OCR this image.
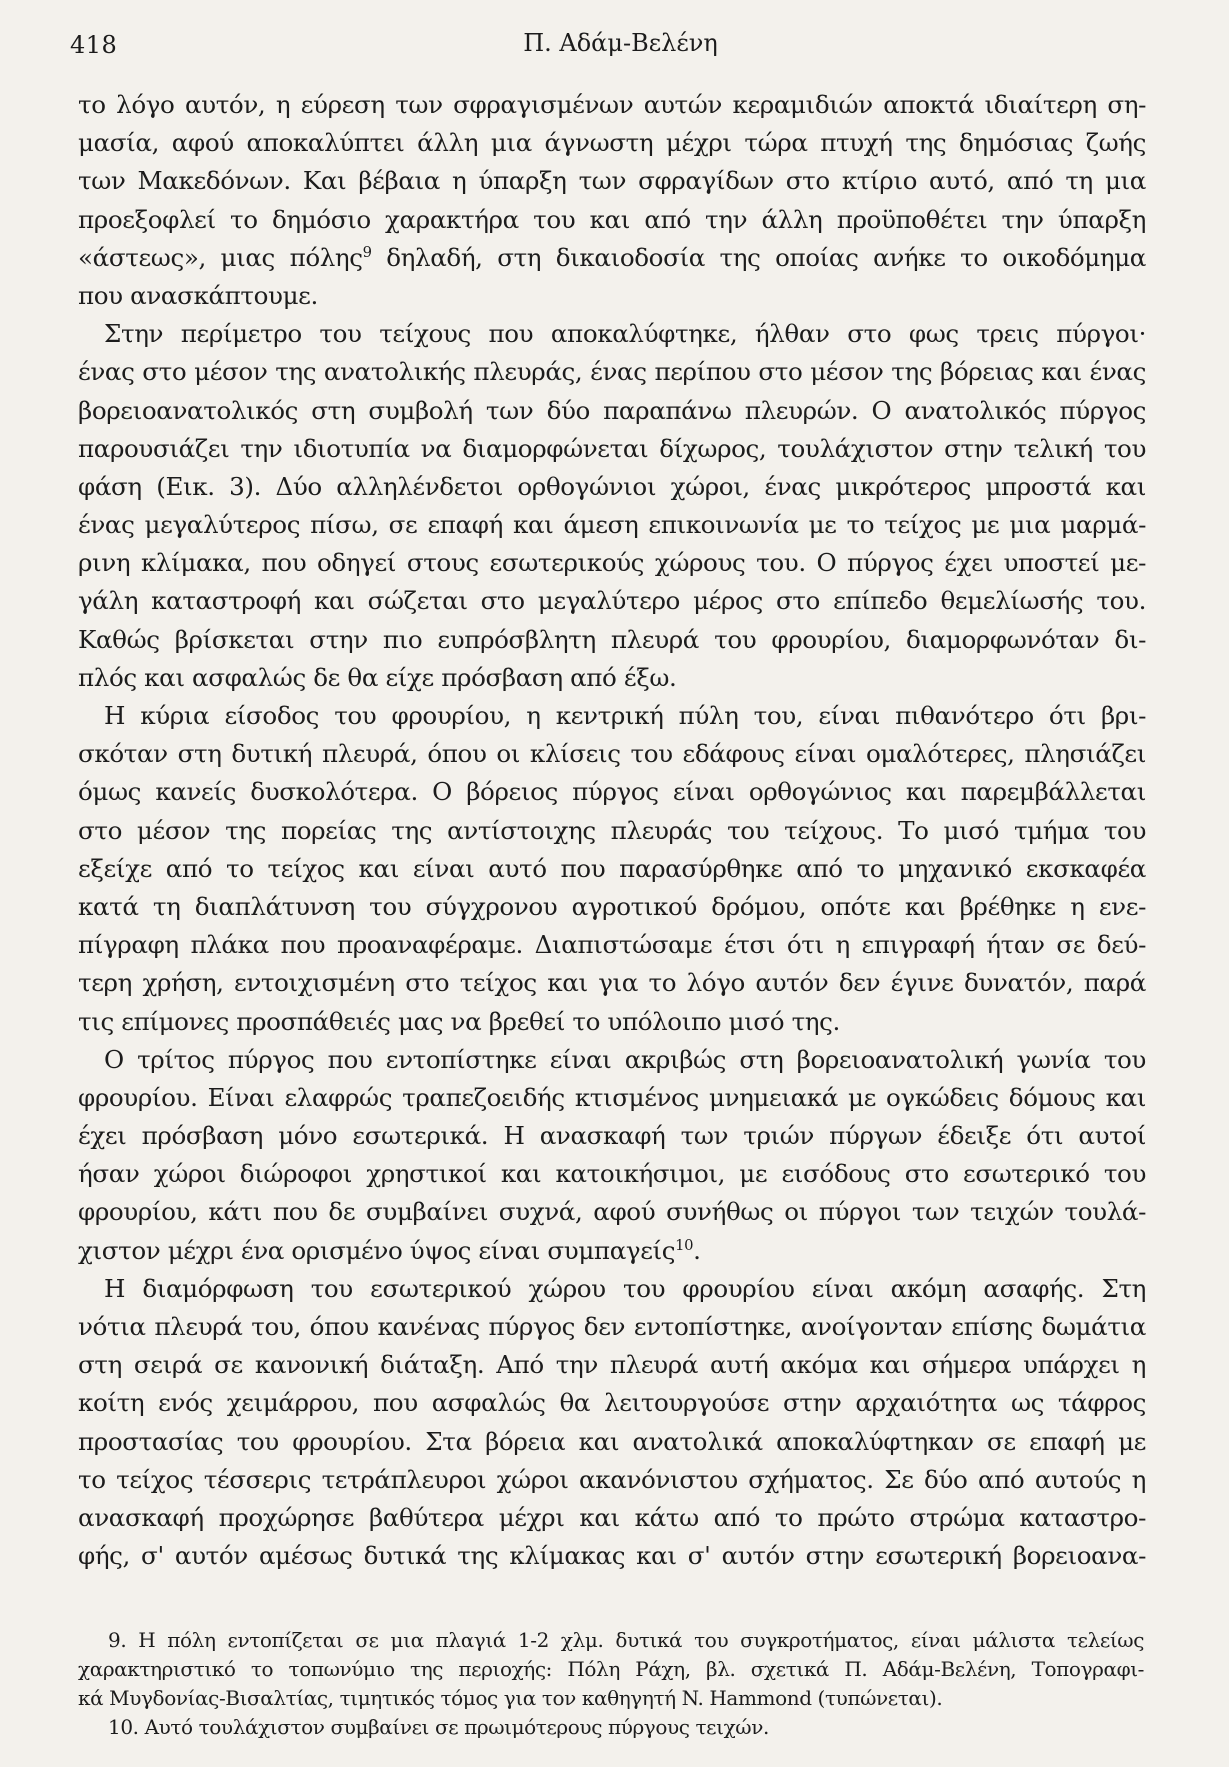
418	Π. Αδάμ-Βελένη
το λόγο αυτόν, η εύρεση των σφραγισμένων αυτών κεραμιδιών αποκτά ιδιαίτερη ση-
μασία, αφού αποκαλύπτει άλλη μια άγνωστη μέχρι τώρα πτυχή της δημόσιας ζωής
των Μακεδόνων. Και βέβαια η ύπαρξη των σφραγίδων στο κτίριο αυτό, από τη μια
προεξοφλεί το δημόσιο χαρακτήρα του και από την άλλη προϋποθέτει την ύπαρξη
«άστεως», μιας πόλης$^9$ δηλαδή, στη δικαιοδοσία της οποίας ανήκε το οικοδόμημα
που ανασκάπτουμε.
Στην περίμετρο του τείχους που αποκαλύφτηκε, ήλθαν στο φως τρεις πύργοι·
ένας στο μέσον της ανατολικής πλευράς, ένας περίπου στο μέσον της βόρειας και ένας
βορειοανατολικός στη συμβολή των δύο παραπάνω πλευρών. Ο ανατολικός πύργος
παρουσιάζει την ιδιοτυπία να διαμορφώνεται δίχωρος, τουλάχιστον στην τελική του
φάση (Εικ. 3). Δύο αλληλένδετοι ορθογώνιοι χώροι, ένας μικρότερος μπροστά και
ένας μεγαλύτερος πίσω, σε επαφή και άμεση επικοινωνία με το τείχος με μια μαρμά-
ρινη κλίμακα, που οδηγεί στους εσωτερικούς χώρους του. Ο πύργος έχει υποστεί με-
γάλη καταστροφή και σώζεται στο μεγαλύτερο μέρος στο επίπεδο θεμελίωσής του.
Καθώς βρίσκεται στην πιο ευπρόσβλητη πλευρά του φρουρίου, διαμορφωνόταν δι-
πλός και ασφαλώς δε θα είχε πρόσβαση από έξω.
Η κύρια είσοδος του φρουρίου, η κεντρική πύλη του, είναι πιθανότερο ότι βρι-
σκόταν στη δυτική πλευρά, όπου οι κλίσεις του εδάφους είναι ομαλότερες, πλησιάζει
όμως κανείς δυσκολότερα. Ο βόρειος πύργος είναι ορθογώνιος και παρεμβάλλεται
στο μέσον της πορείας της αντίστοιχης πλευράς του τείχους. Το μισό τμήμα του
εξείχε από το τείχος και είναι αυτό που παρασύρθηκε από το μηχανικό εκσκαφέα
κατά τη διαπλάτυνση του σύγχρονου αγροτικού δρόμου, οπότε και βρέθηκε η ενε-
πίγραφη πλάκα που προαναφέραμε. Διαπιστώσαμε έτσι ότι η επιγραφή ήταν σε δεύ-
τερη χρήση, εντοιχισμένη στο τείχος και για το λόγο αυτόν δεν έγινε δυνατόν, παρά
τις επίμονες προσπάθειές μας να βρεθεί το υπόλοιπο μισό της.
Ο τρίτος πύργος που εντοπίστηκε είναι ακριβώς στη βορειοανατολική γωνία του
φρουρίου. Είναι ελαφρώς τραπεζοειδής κτισμένος μνημειακά με ογκώδεις δόμους και
έχει πρόσβαση μόνο εσωτερικά. Η ανασκαφή των τριών πύργων έδειξε ότι αυτοί
ήσαν χώροι διώροφοι χρηστικοί και κατοικήσιμοι, με εισόδους στο εσωτερικό του
φρουρίου, κάτι που δε συμβαίνει συχνά, αφού συνήθως οι πύργοι των τειχών τουλά-
χιστον μέχρι ένα ορισμένο ύψος είναι συμπαγείς$^{10}$.
Η διαμόρφωση του εσωτερικού χώρου του φρουρίου είναι ακόμη ασαφής. Στη
νότια πλευρά του, όπου κανένας πύργος δεν εντοπίστηκε, ανοίγονταν επίσης δωμάτια
στη σειρά σε κανονική διάταξη. Από την πλευρά αυτή ακόμα και σήμερα υπάρχει η
κοίτη ενός χειμάρρου, που ασφαλώς θα λειτουργούσε στην αρχαιότητα ως τάφρος
προστασίας του φρουρίου. Στα βόρεια και ανατολικά αποκαλύφτηκαν σε επαφή με
το τείχος τέσσερις τετράπλευροι χώροι ακανόνιστου σχήματος. Σε δύο από αυτούς η
ανασκαφή προχώρησε βαθύτερα μέχρι και κάτω από το πρώτο στρώμα καταστρο-
φής, σ' αυτόν αμέσως δυτικά της κλίμακας και σ' αυτόν στην εσωτερική βορειοανα-
9. Η πόλη εντοπίζεται σε μια πλαγιά 1-2 χλμ. δυτικά του συγκροτήματος, είναι μάλιστα τελείως
χαρακτηριστικό το τοπωνύμιο της περιοχής: Πόλη Ράχη, βλ. σχετικά Π. Αδάμ-Βελένη, Τοπογραφι-
κά Μυγδονίας-Βισαλτίας, τιμητικός τόμος για τον καθηγητή N. Hammond (τυπώνεται).
10. Αυτό τουλάχιστον συμβαίνει σε πρωιμότερους πύργους τειχών.
